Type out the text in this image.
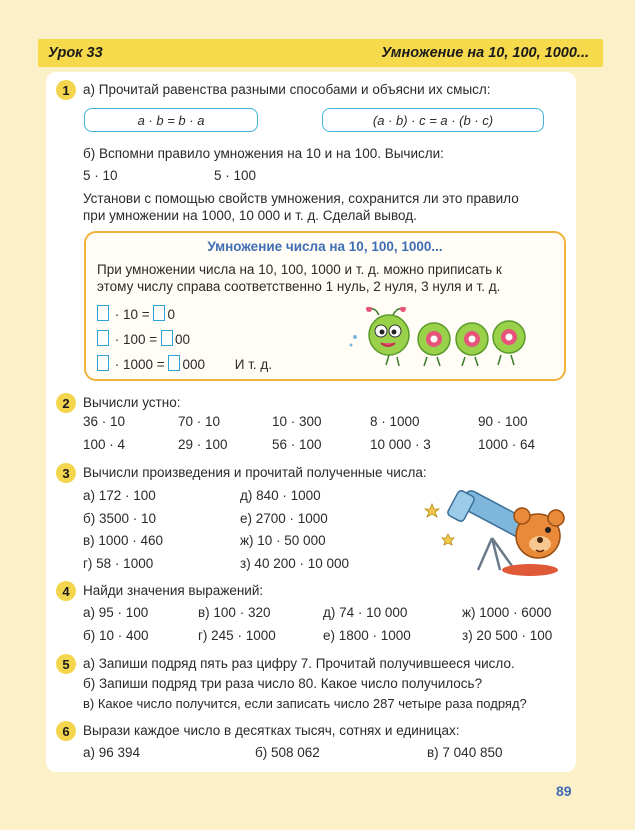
Урок 33	Умножение на 10, 100, 1000...
1 а) Прочитай равенства разными способами и объясни их смысл:
a · b = b · a	(a · b) · c = a · (b · c)
б) Вспомни правило умножения на 10 и на 100. Вычисли:
5 · 10	5 · 100
Установи с помощью свойств умножения, сохранится ли это правило
при умножении на 1000, 10 000 и т. д. Сделай вывод.
Умножение числа на 10, 100, 1000...
При умножении числа на 10, 100, 1000 и т. д. можно приписать к
этому числу справа соответственно 1 нуль, 2 нуля, 3 нуля и т. д.
· 10 = 0
· 100 = 00
· 1000 = 000 И т. д.
2 Вычисли устно:
36 · 10	70 · 10	10 · 300	8 · 1000	90 · 100
100 · 4	29 · 100	56 · 100	10 000 · 3	1000 · 64
3 Вычисли произведения и прочитай полученные числа:
а) 172 · 100
б) 3500 · 10
в) 1000 · 460
г) 58 · 1000
д) 840 · 1000
е) 2700 · 1000
ж) 10 · 50 000
з) 40 200 · 10 000
4 Найди значения выражений:
а) 95 · 100	в) 100 · 320	д) 74 · 10 000	ж) 1000 · 6000
б) 10 · 400	г) 245 · 1000	е) 1800 · 1000	з) 20 500 · 100
5 а) Запиши подряд пять раз цифру 7. Прочитай получившееся число.
б) Запиши подряд три раза число 80. Какое число получилось?
в) Какое число получится, если записать число 287 четыре раза подряд?
6 Вырази каждое число в десятках тысяч, сотнях и единицах:
а) 96 394	б) 508 062	в) 7 040 850
89
